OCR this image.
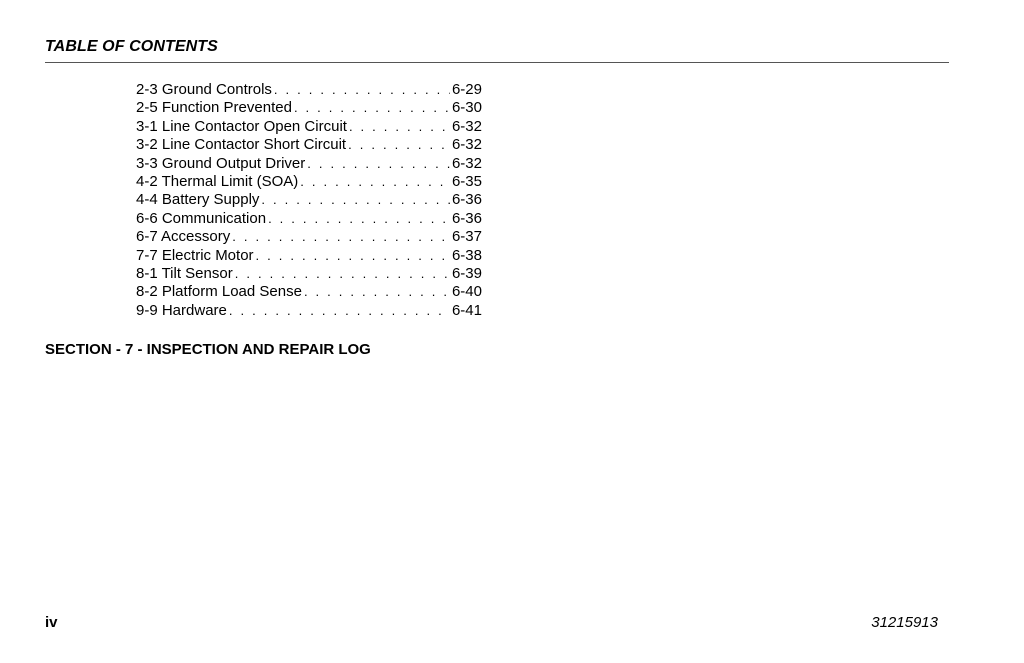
TABLE OF CONTENTS
2-3 Ground Controls . . .	6-29
2-5 Function Prevented . . .	6-30
3-1 Line Contactor Open Circuit . . .	6-32
3-2 Line Contactor Short Circuit . . .	6-32
3-3 Ground Output Driver . . .	6-32
4-2 Thermal Limit (SOA) . . .	6-35
4-4 Battery Supply . . .	6-36
6-6 Communication . . .	6-36
6-7 Accessory . . .	6-37
7-7 Electric Motor . . .	6-38
8-1 Tilt Sensor . . .	6-39
8-2 Platform Load Sense . . .	6-40
9-9 Hardware . . .	6-41
SECTION - 7 - INSPECTION AND REPAIR LOG
iv	31215913
